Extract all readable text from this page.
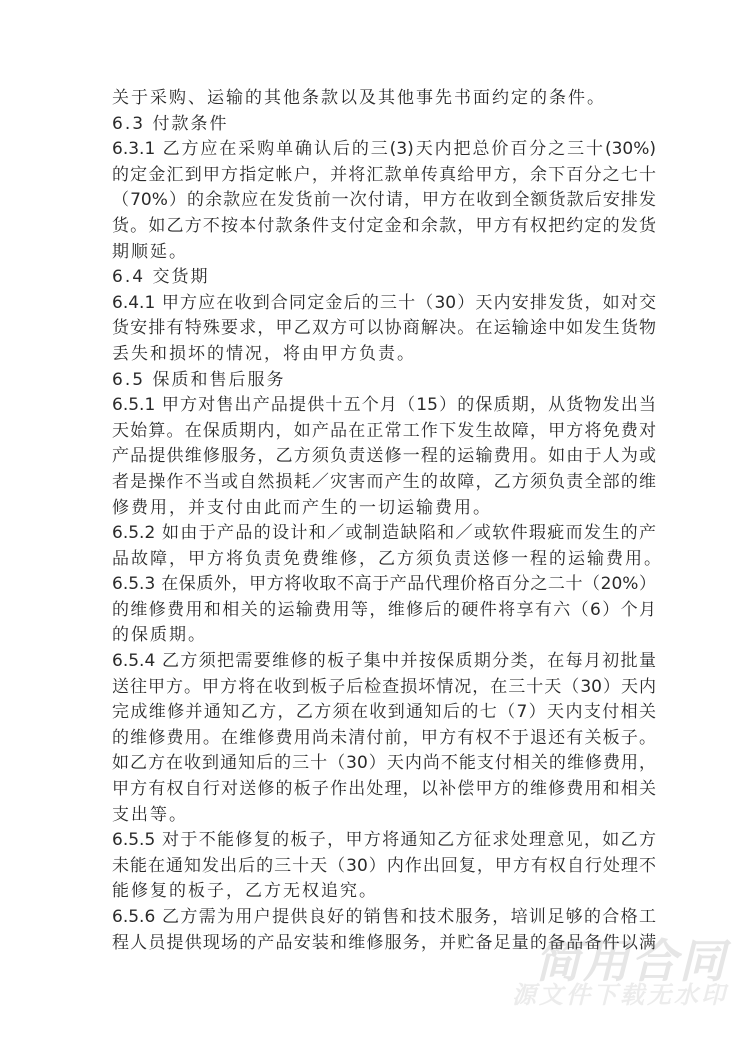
简用合同
源文件下载无水印
关于采购、运输的其他条款以及其他事先书面约定的条件。
6.3 付款条件
6.3.1 乙方应在采购单确认后的三(3)天内把总价百分之三十(30%)
的定金汇到甲方指定帐户，并将汇款单传真给甲方，余下百分之七十
（70%）的余款应在发货前一次付请，甲方在收到全额货款后安排发
货。如乙方不按本付款条件支付定金和余款，甲方有权把约定的发货
期顺延。
6.4 交货期
6.4.1 甲方应在收到合同定金后的三十（30）天内安排发货，如对交
货安排有特殊要求，甲乙双方可以协商解决。在运输途中如发生货物
丢失和损坏的情况，将由甲方负责。
6.5 保质和售后服务
6.5.1 甲方对售出产品提供十五个月（15）的保质期，从货物发出当
天始算。在保质期内，如产品在正常工作下发生故障，甲方将免费对
产品提供维修服务，乙方须负责送修一程的运输费用。如由于人为或
者是操作不当或自然损耗／灾害而产生的故障，乙方须负责全部的维
修费用，并支付由此而产生的一切运输费用。
6.5.2 如由于产品的设计和／或制造缺陷和／或软件瑕疵而发生的产
品故障，甲方将负责免费维修，乙方须负责送修一程的运输费用。
6.5.3 在保质外，甲方将收取不高于产品代理价格百分之二十（20%）
的维修费用和相关的运输费用等，维修后的硬件将享有六（6）个月
的保质期。
6.5.4 乙方须把需要维修的板子集中并按保质期分类，在每月初批量
送往甲方。甲方将在收到板子后检查损坏情况，在三十天（30）天内
完成维修并通知乙方，乙方须在收到通知后的七（7）天内支付相关
的维修费用。在维修费用尚未清付前，甲方有权不于退还有关板子。
如乙方在收到通知后的三十（30）天内尚不能支付相关的维修费用，
甲方有权自行对送修的板子作出处理，以补偿甲方的维修费用和相关
支出等。
6.5.5 对于不能修复的板子，甲方将通知乙方征求处理意见，如乙方
未能在通知发出后的三十天（30）内作出回复，甲方有权自行处理不
能修复的板子，乙方无权追究。
6.5.6 乙方需为用户提供良好的销售和技术服务，培训足够的合格工
程人员提供现场的产品安装和维修服务，并贮备足量的备品备件以满
